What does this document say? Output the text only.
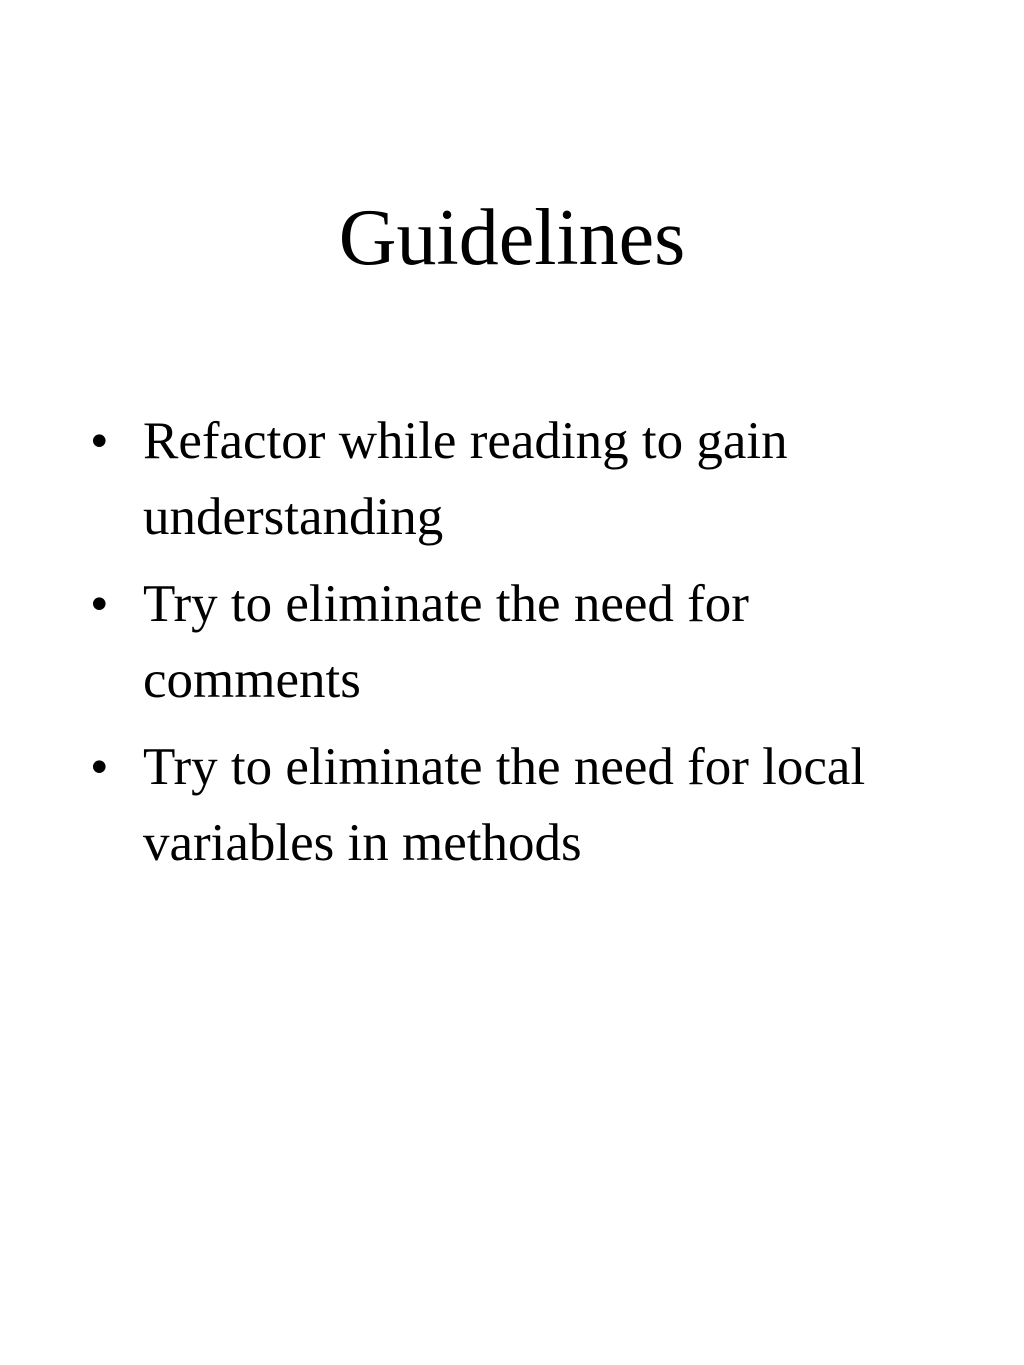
Guidelines
• Refactor while reading to gain understanding
• Try to eliminate the need for comments
• Try to eliminate the need for local variables in methods
